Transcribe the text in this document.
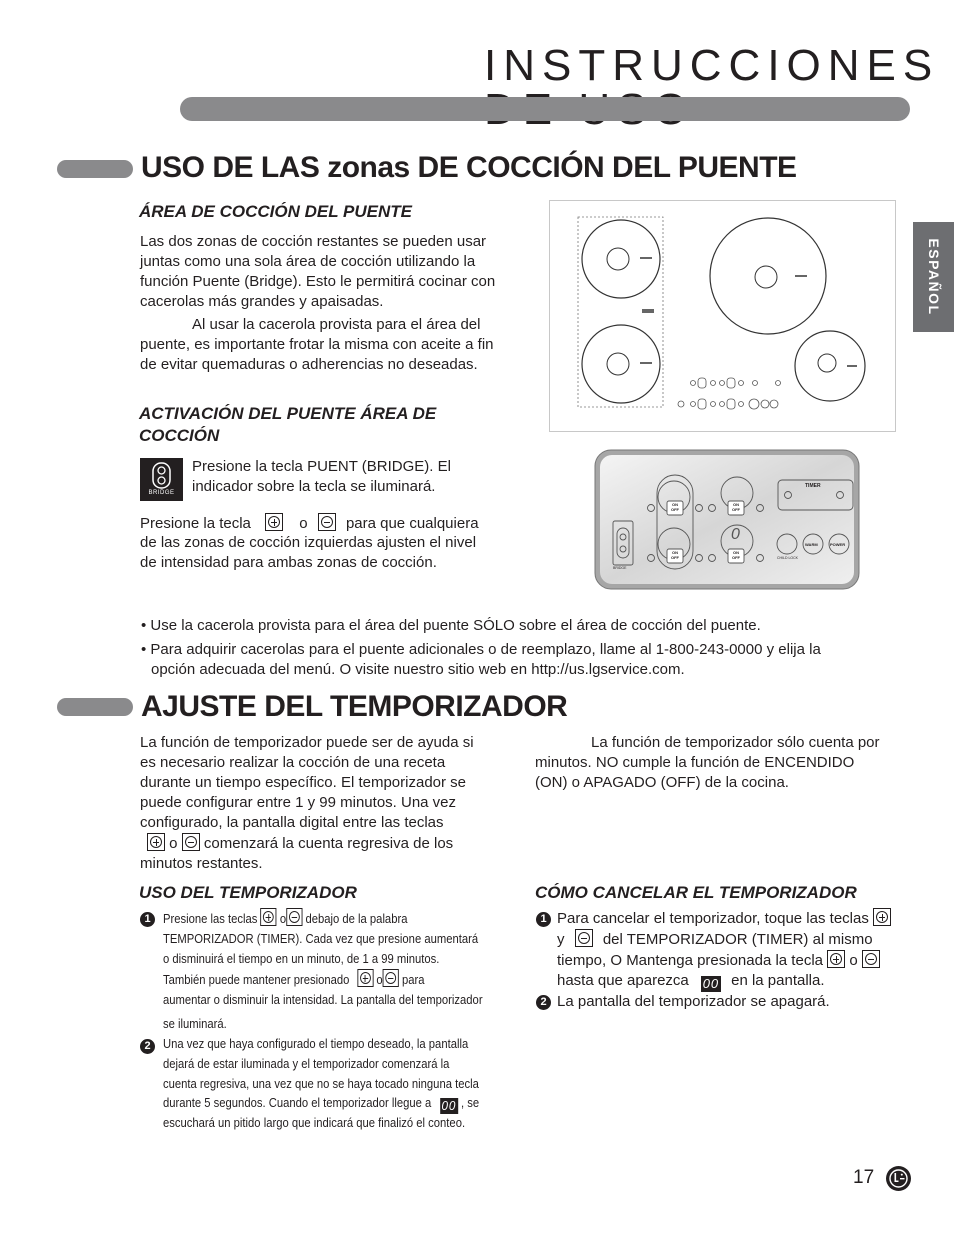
INSTRUCCIONES
ESPAÑOL
USO DE LAS zonas DE COCCIÓN DEL PUENTE
ÁREA DE COCCIÓN DEL PUENTE
Las dos zonas de cocción restantes se pueden usar
juntas como una sola área de cocción utilizando la
función Puente (Bridge). Esto le permitirá cocinar con
cacerolas más grandes y apaisadas.
Al usar la cacerola provista para el área del
puente, es importante frotar la misma con aceite a fin
de evitar quemaduras o adherencias no deseadas.
ACTIVACIÓN DEL PUENTE ÁREA DE
COCCIÓN
BRIDGE
Presione la tecla PUENT (BRIDGE). El
indicador sobre la tecla se iluminará.
Presione la tecla	o	para que cualquiera
de las zonas de cocción izquierdas ajusten el nivel
de intensidad para ambas zonas de cocción.
TIMER
ON
OFF
ON
OFF
ON
OFF
ON
OFF
0
WARM	POWER
CHILD LOCK
BRIDGE
• Use la cacerola provista para el área del puente SÓLO sobre el área de cocción del puente.
• Para adquirir cacerolas para el puente adicionales o de reemplazo, llame al 1-800-243-0000 y elija la
opción adecuada del menú. O visite nuestro sitio web en http://us.lgservice.com.
AJUSTE DEL TEMPORIZADOR
La función de temporizador puede ser de ayuda si
es necesario realizar la cocción de una receta
durante un tiempo específico. El temporizador se
puede configurar entre 1 y 99 minutos. Una vez
configurado, la pantalla digital entre las teclas
o comenzará la cuenta regresiva de los
minutos restantes.
La función de temporizador sólo cuenta por
minutos. NO cumple la función de ENCENDIDO
(ON) o APAGADO (OFF) de la cocina.
USO DEL TEMPORIZADOR
1 Presione las teclas o debajo de la palabra
TEMPORIZADOR (TIMER). Cada vez que presione aumentará
o disminuirá el tiempo en un minuto, de 1 a 99 minutos.
También puede mantener presionado o para
aumentar o disminuir la intensidad. La pantalla del temporizador
se iluminará.
2 Una vez que haya configurado el tiempo deseado, la pantalla
dejará de estar iluminada y el temporizador comenzará la
cuenta regresiva, una vez que no se haya tocado ninguna tecla
durante 5 segundos. Cuando el temporizador llegue a 00 , se
escuchará un pitido largo que indicará que finalizó el conteo.
CÓMO CANCELAR EL TEMPORIZADOR
1 Para cancelar el temporizador, toque las teclas
y	del TEMPORIZADOR (TIMER) al mismo
tiempo, O Mantenga presionada la tecla o
hasta que aparezca 00 en la pantalla.
2 La pantalla del temporizador se apagará.
17
